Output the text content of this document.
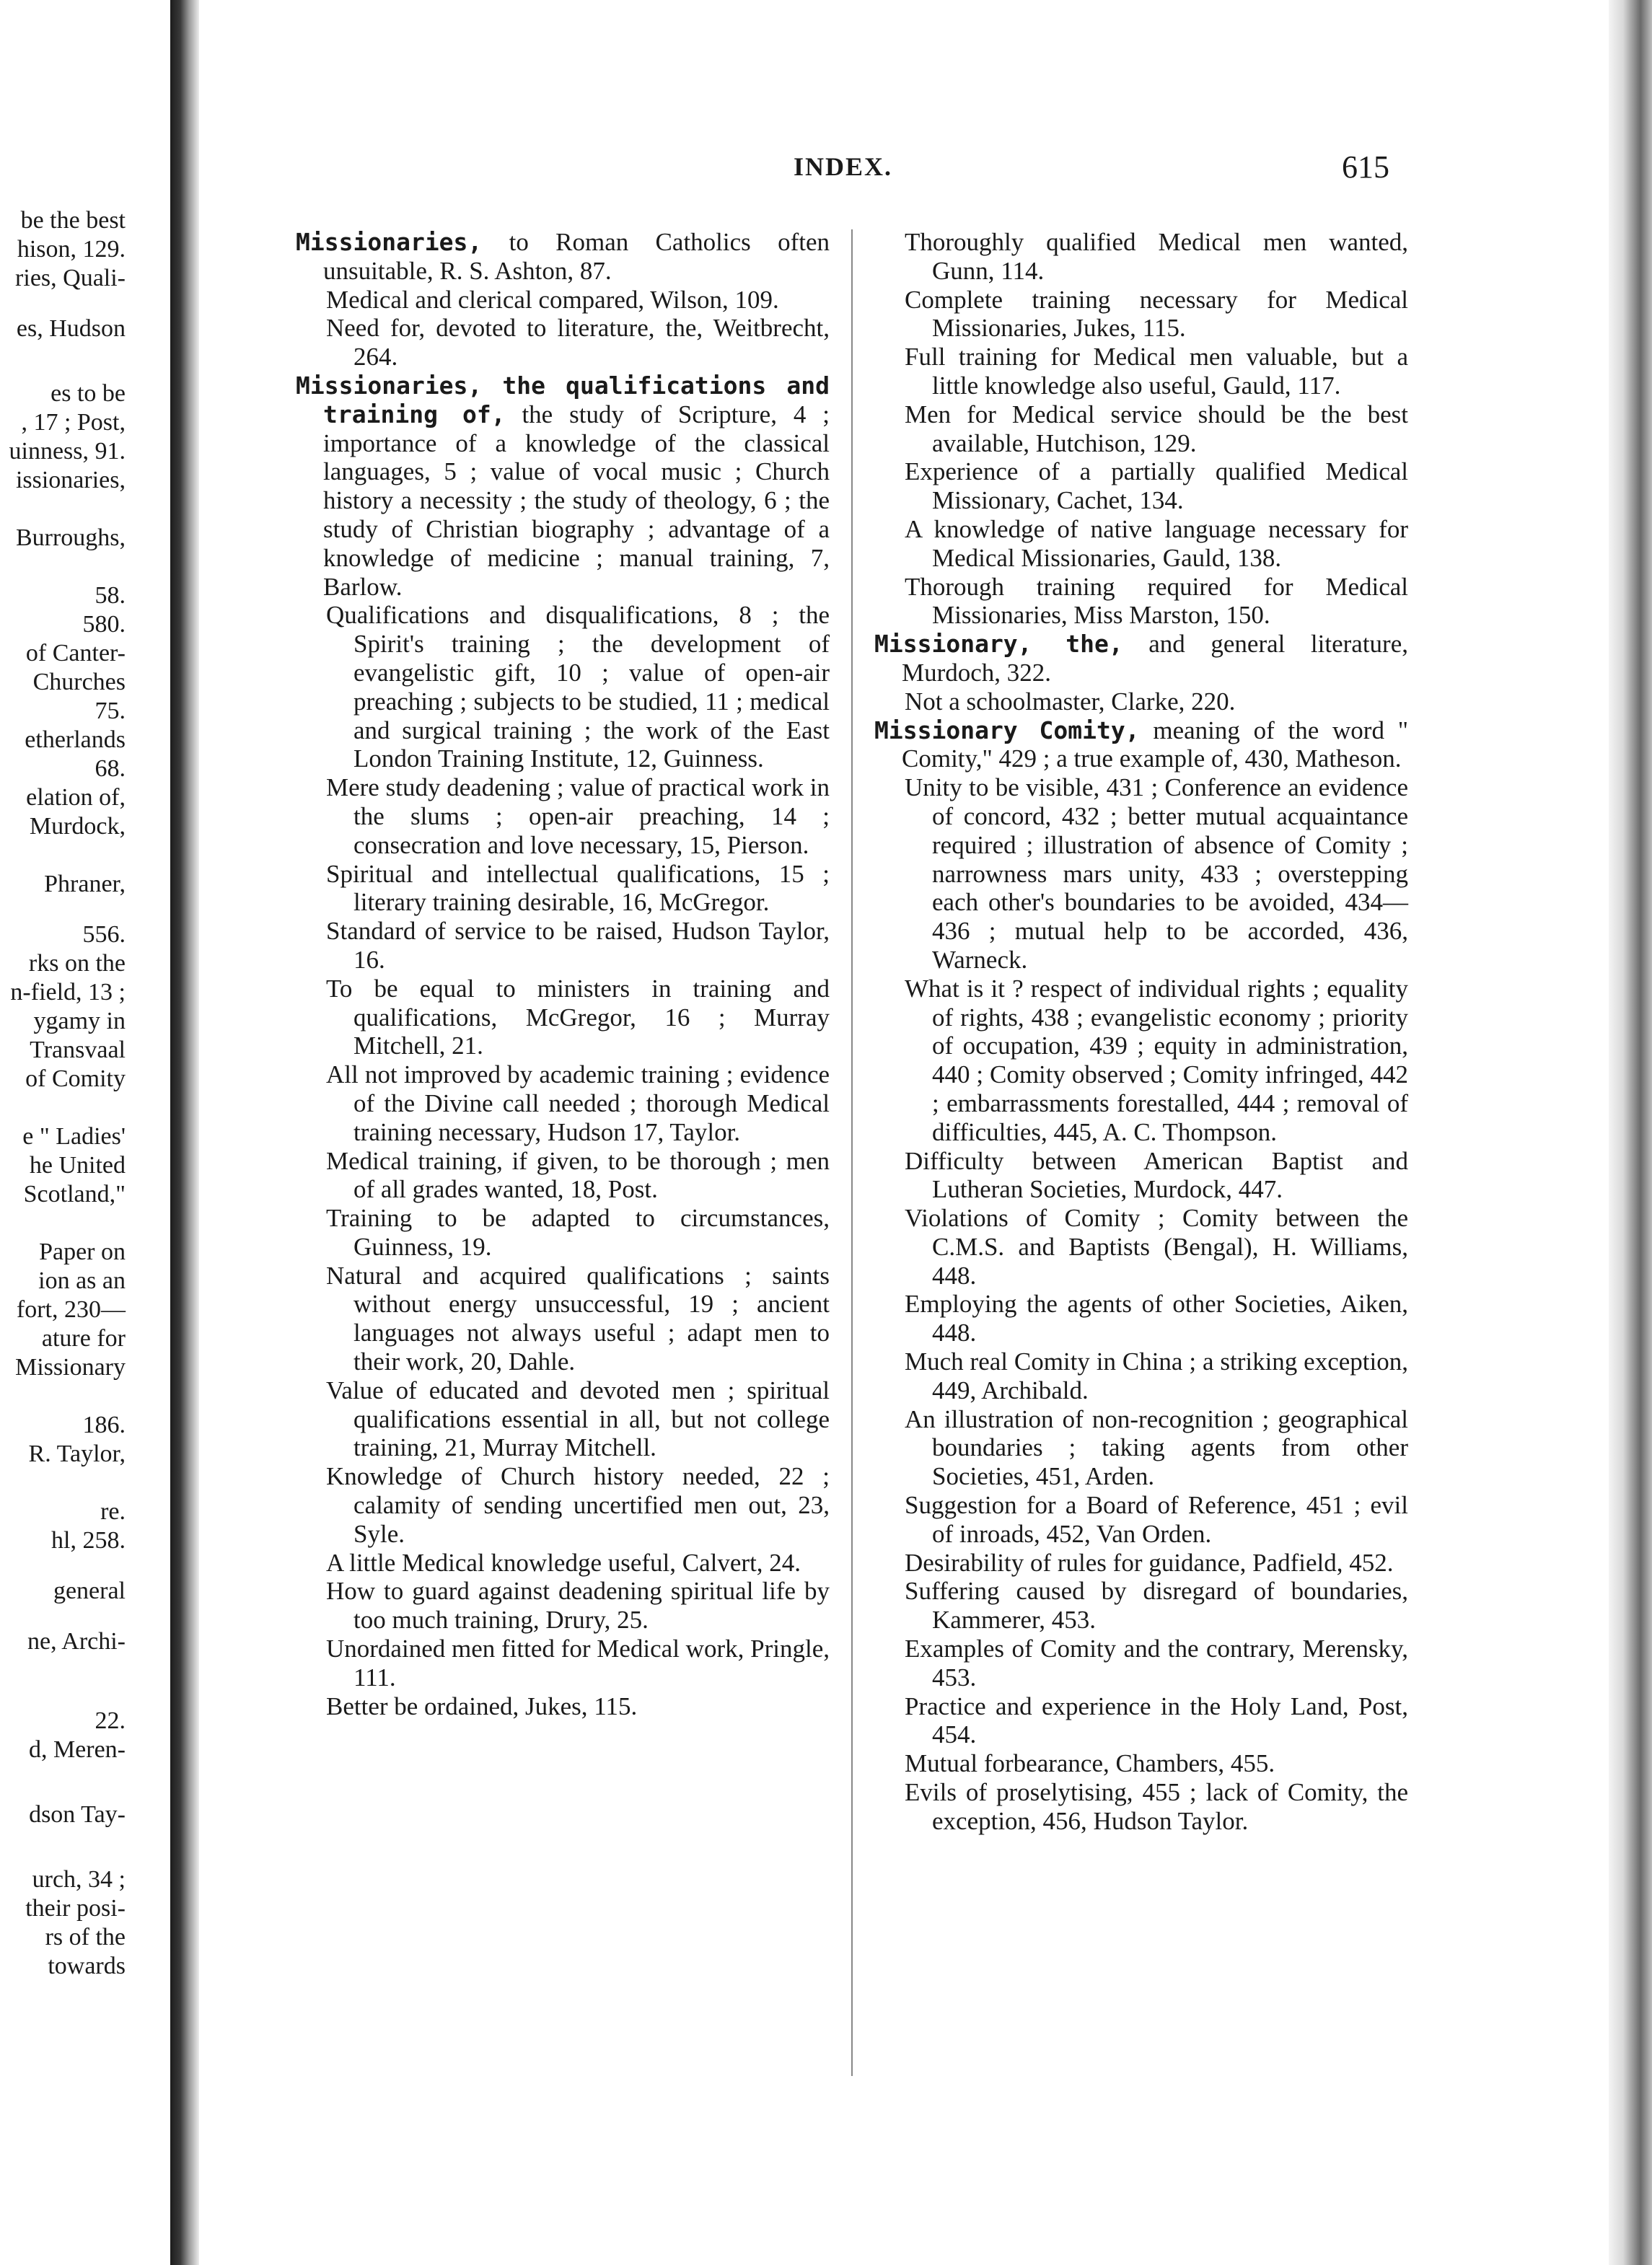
be the best
hison, 129.
ries, Quali-
es, Hudson
es to be
, 17 ; Post,
uinness, 91.
issionaries,
Burroughs,
58.
580.
of Canter-
Churches
75.
etherlands
68.
elation of,
Murdock,
Phraner,
556.
rks on the
n-field, 13 ;
ygamy in
Transvaal
of Comity
e " Ladies'
he United
Scotland,"
Paper on
ion as an
fort, 230—
ature for
Missionary
186.
R. Taylor,
re.
hl, 258.
general
ne, Archi-
22.
d, Meren-
dson Tay-
urch, 34 ;
their posi-
rs of the
towards
INDEX.	615

Missionaries, to Roman Catholics often unsuitable, R. S. Ashton, 87.

Medical and clerical compared, Wilson, 109.

Need for, devoted to literature, the, Weitbrecht, 264.

Missionaries, the qualifications and training of, the study of Scripture, 4 ; importance of a knowledge of the classical languages, 5 ; value of vocal music ; Church history a necessity ; the study of theology, 6 ; the study of Christian biography ; advantage of a knowledge of medicine ; manual training, 7, Barlow.

Qualifications and disqualifications, 8 ; the Spirit's training ; the development of evangelistic gift, 10 ; value of open-air preaching ; subjects to be studied, 11 ; medical and surgical training ; the work of the East London Training Institute, 12, Guinness.

Mere study deadening ; value of practical work in the slums ; open-air preaching, 14 ; consecration and love necessary, 15, Pierson.

Spiritual and intellectual qualifications, 15 ; literary training desirable, 16, McGregor.

Standard of service to be raised, Hudson Taylor, 16.

To be equal to ministers in training and qualifications, McGregor, 16 ; Murray Mitchell, 21.

All not improved by academic training ; evidence of the Divine call needed ; thorough Medical training necessary, Hudson 17, Taylor.

Medical training, if given, to be thorough ; men of all grades wanted, 18, Post.

Training to be adapted to circumstances, Guinness, 19.

Natural and acquired qualifications ; saints without energy unsuccessful, 19 ; ancient languages not always useful ; adapt men to their work, 20, Dahle.

Value of educated and devoted men ; spiritual qualifications essential in all, but not college training, 21, Murray Mitchell.

Knowledge of Church history needed, 22 ; calamity of sending uncertified men out, 23, Syle.

A little Medical knowledge useful, Calvert, 24.

How to guard against deadening spiritual life by too much training, Drury, 25.

Unordained men fitted for Medical work, Pringle, 111.

Better be ordained, Jukes, 115.

Thoroughly qualified Medical men wanted, Gunn, 114.

Complete training necessary for Medical Missionaries, Jukes, 115.

Full training for Medical men valuable, but a little knowledge also useful, Gauld, 117.

Men for Medical service should be the best available, Hutchison, 129.

Experience of a partially qualified Medical Missionary, Cachet, 134.

A knowledge of native language necessary for Medical Missionaries, Gauld, 138.

Thorough training required for Medical Missionaries, Miss Marston, 150.

Missionary, the, and general literature, Murdoch, 322.

Not a schoolmaster, Clarke, 220.

Missionary Comity, meaning of the word " Comity," 429 ; a true example of, 430, Matheson.

Unity to be visible, 431 ; Conference an evidence of concord, 432 ; better mutual acquaintance required ; illustration of absence of Comity ; narrowness mars unity, 433 ; overstepping each other's boundaries to be avoided, 434—436 ; mutual help to be accorded, 436, Warneck.

What is it ? respect of individual rights ; equality of rights, 438 ; evangelistic economy ; priority of occupation, 439 ; equity in administration, 440 ; Comity observed ; Comity infringed, 442 ; embarrassments forestalled, 444 ; removal of difficulties, 445, A. C. Thompson.

Difficulty between American Baptist and Lutheran Societies, Murdock, 447.

Violations of Comity ; Comity between the C.M.S. and Baptists (Bengal), H. Williams, 448.

Employing the agents of other Societies, Aiken, 448.

Much real Comity in China ; a striking exception, 449, Archibald.

An illustration of non-recognition ; geographical boundaries ; taking agents from other Societies, 451, Arden.

Suggestion for a Board of Reference, 451 ; evil of inroads, 452, Van Orden.

Desirability of rules for guidance, Padfield, 452.

Suffering caused by disregard of boundaries, Kammerer, 453.

Examples of Comity and the contrary, Merensky, 453.

Practice and experience in the Holy Land, Post, 454.

Mutual forbearance, Chambers, 455.

Evils of proselytising, 455 ; lack of Comity, the exception, 456, Hudson Taylor.
